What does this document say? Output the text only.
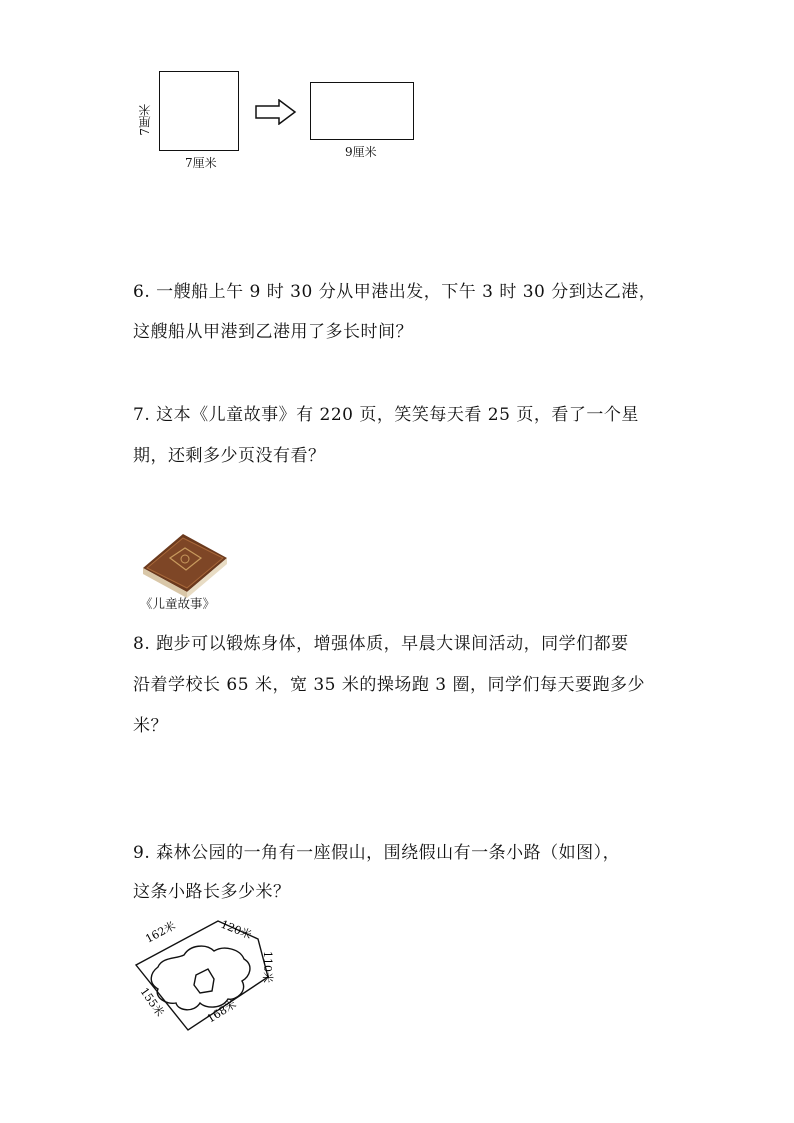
7厘米
7厘米
9厘米
6. 一艘船上午 9 时 30 分从甲港出发，下午 3 时 30 分到达乙港，
这艘船从甲港到乙港用了多长时间？
7. 这本《儿童故事》有 220 页，笑笑每天看 25 页，看了一个星
期，还剩多少页没有看？
《儿童故事》
8. 跑步可以锻炼身体，增强体质，早晨大课间活动，同学们都要
沿着学校长 65 米，宽 35 米的操场跑 3 圈，同学们每天要跑多少
米？
9. 森林公园的一角有一座假山，围绕假山有一条小路（如图），
这条小路长多少米？
162米	120米
110米
168米
155米
